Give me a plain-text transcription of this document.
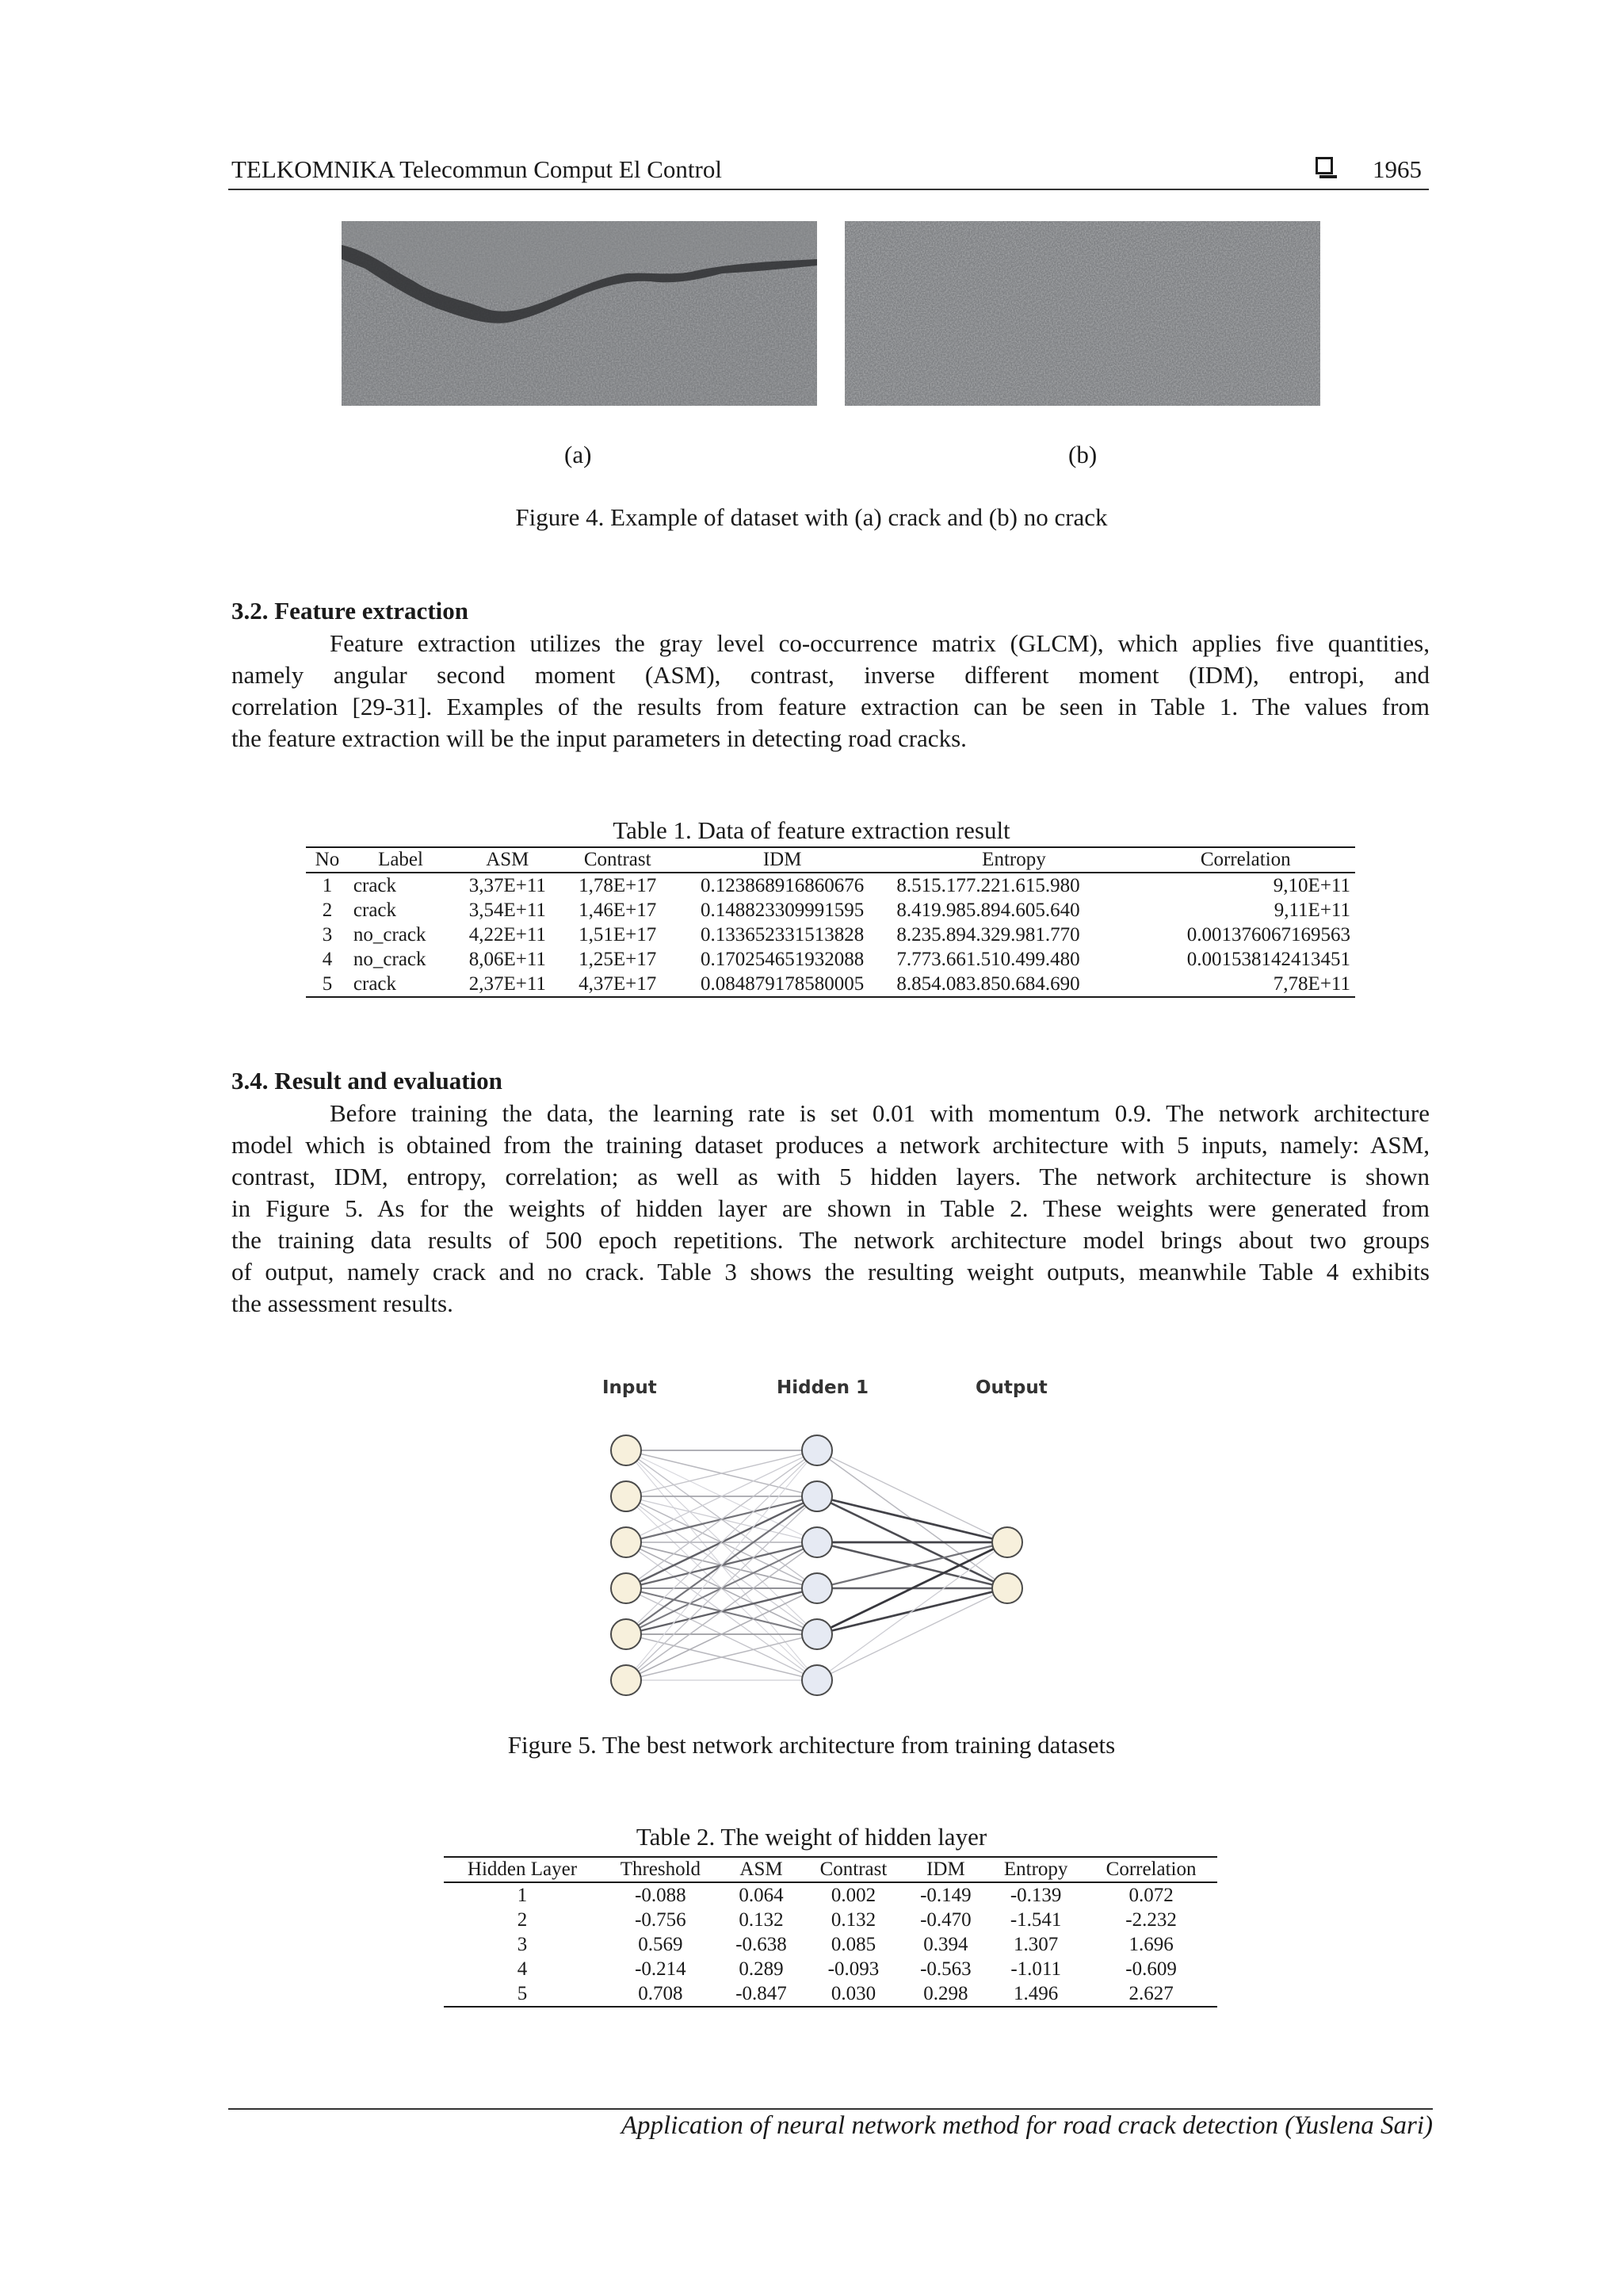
TELKOMNIKA Telecommun Comput El Control	1965
(a)	(b)
Figure 4. Example of dataset with (a) crack and (b) no crack
3.2. Feature extraction
Feature extraction utilizes the gray level co-occurrence matrix (GLCM), which applies five quantities,
namely angular second moment (ASM), contrast, inverse different moment (IDM), entropi, and
correlation [29-31]. Examples of the results from feature extraction can be seen in Table 1. The values from
the feature extraction will be the input parameters in detecting road cracks.
Table 1. Data of feature extraction result
No	Label	ASM	Contrast	IDM	Entropy	Correlation
1	crack	3,37E+11	1,78E+17	0.123868916860676	8.515.177.221.615.980	9,10E+11
2	crack	3,54E+11	1,46E+17	0.148823309991595	8.419.985.894.605.640	9,11E+11
3	no_crack	4,22E+11	1,51E+17	0.133652331513828	8.235.894.329.981.770	0.001376067169563
4	no_crack	8,06E+11	1,25E+17	0.170254651932088	7.773.661.510.499.480	0.001538142413451
5	crack	2,37E+11	4,37E+17	0.084879178580005	8.854.083.850.684.690	7,78E+11
3.4. Result and evaluation
Before training the data, the learning rate is set 0.01 with momentum 0.9. The network architecture
model which is obtained from the training dataset produces a network architecture with 5 inputs, namely: ASM,
contrast, IDM, entropy, correlation; as well as with 5 hidden layers. The network architecture is shown
in Figure 5. As for the weights of hidden layer are shown in Table 2. These weights were generated from
the training data results of 500 epoch repetitions. The network architecture model brings about two groups
of output, namely crack and no crack. Table 3 shows the resulting weight outputs, meanwhile Table 4 exhibits
the assessment results.
Input	Hidden 1	Output
Figure 5. The best network architecture from training datasets
Table 2. The weight of hidden layer
Hidden Layer	Threshold	ASM	Contrast	IDM	Entropy	Correlation
1	-0.088	0.064	0.002	-0.149	-0.139	0.072
2	-0.756	0.132	0.132	-0.470	-1.541	-2.232
3	0.569	-0.638	0.085	0.394	1.307	1.696
4	-0.214	0.289	-0.093	-0.563	-1.011	-0.609
5	0.708	-0.847	0.030	0.298	1.496	2.627
Application of neural network method for road crack detection (Yuslena Sari)
